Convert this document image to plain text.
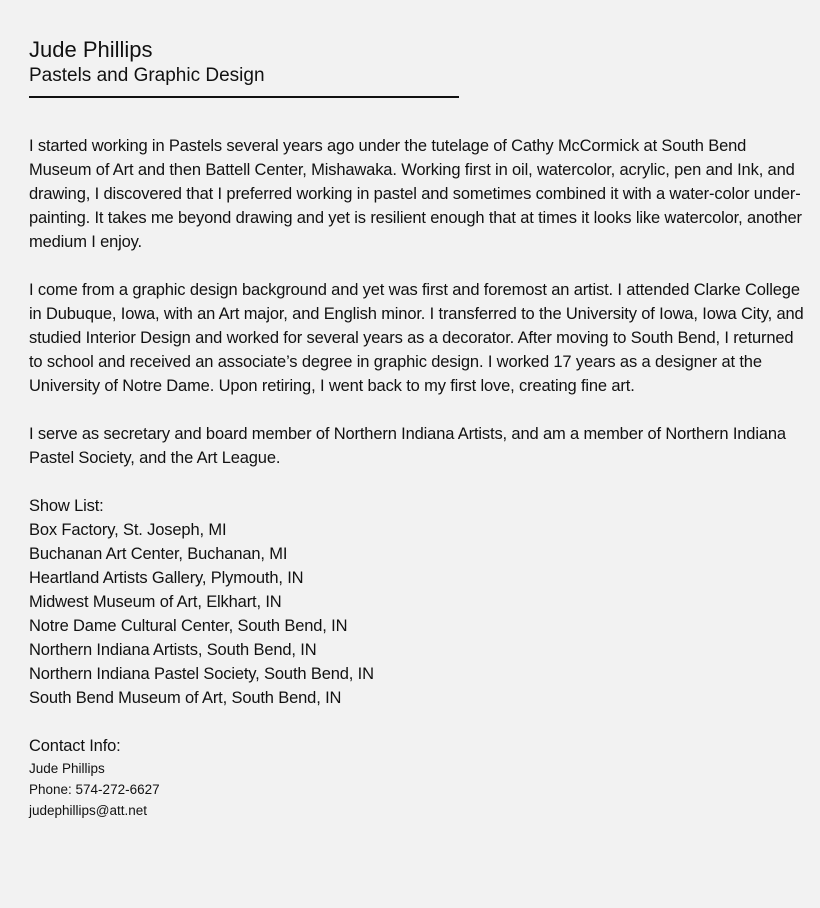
Jude Phillips
Pastels and Graphic Design

I started working in Pastels several years ago under the tutelage of Cathy McCormick at South Bend Museum of Art and then Battell Center, Mishawaka. Working first in oil, watercolor, acrylic, pen and Ink, and drawing, I discovered that I preferred working in pastel and sometimes combined it with a water-color under-painting. It takes me beyond drawing and yet is resilient enough that at times it looks like watercolor, another medium I enjoy.

I come from a graphic design background and yet was first and foremost an artist. I attended Clarke College in Dubuque, Iowa, with an Art major, and English minor. I transferred to the University of Iowa, Iowa City, and studied Interior Design and worked for several years as a decorator. After moving to South Bend, I returned to school and received an associate’s degree in graphic design. I worked 17 years as a designer at the University of Notre Dame. Upon retiring, I went back to my first love, creating fine art.

I serve as secretary and board member of Northern Indiana Artists, and am a member of Northern Indiana Pastel Society, and the Art League.

Show List:

Box Factory, St. Joseph, MI
Buchanan Art Center, Buchanan, MI
Heartland Artists Gallery, Plymouth, IN
Midwest Museum of Art, Elkhart, IN
Notre Dame Cultural Center, South Bend, IN
Northern Indiana Artists, South Bend, IN
Northern Indiana Pastel Society, South Bend, IN
South Bend Museum of Art, South Bend, IN

Contact Info:

Jude Phillips

Phone: 574-272-6627

judephillips@att.net
